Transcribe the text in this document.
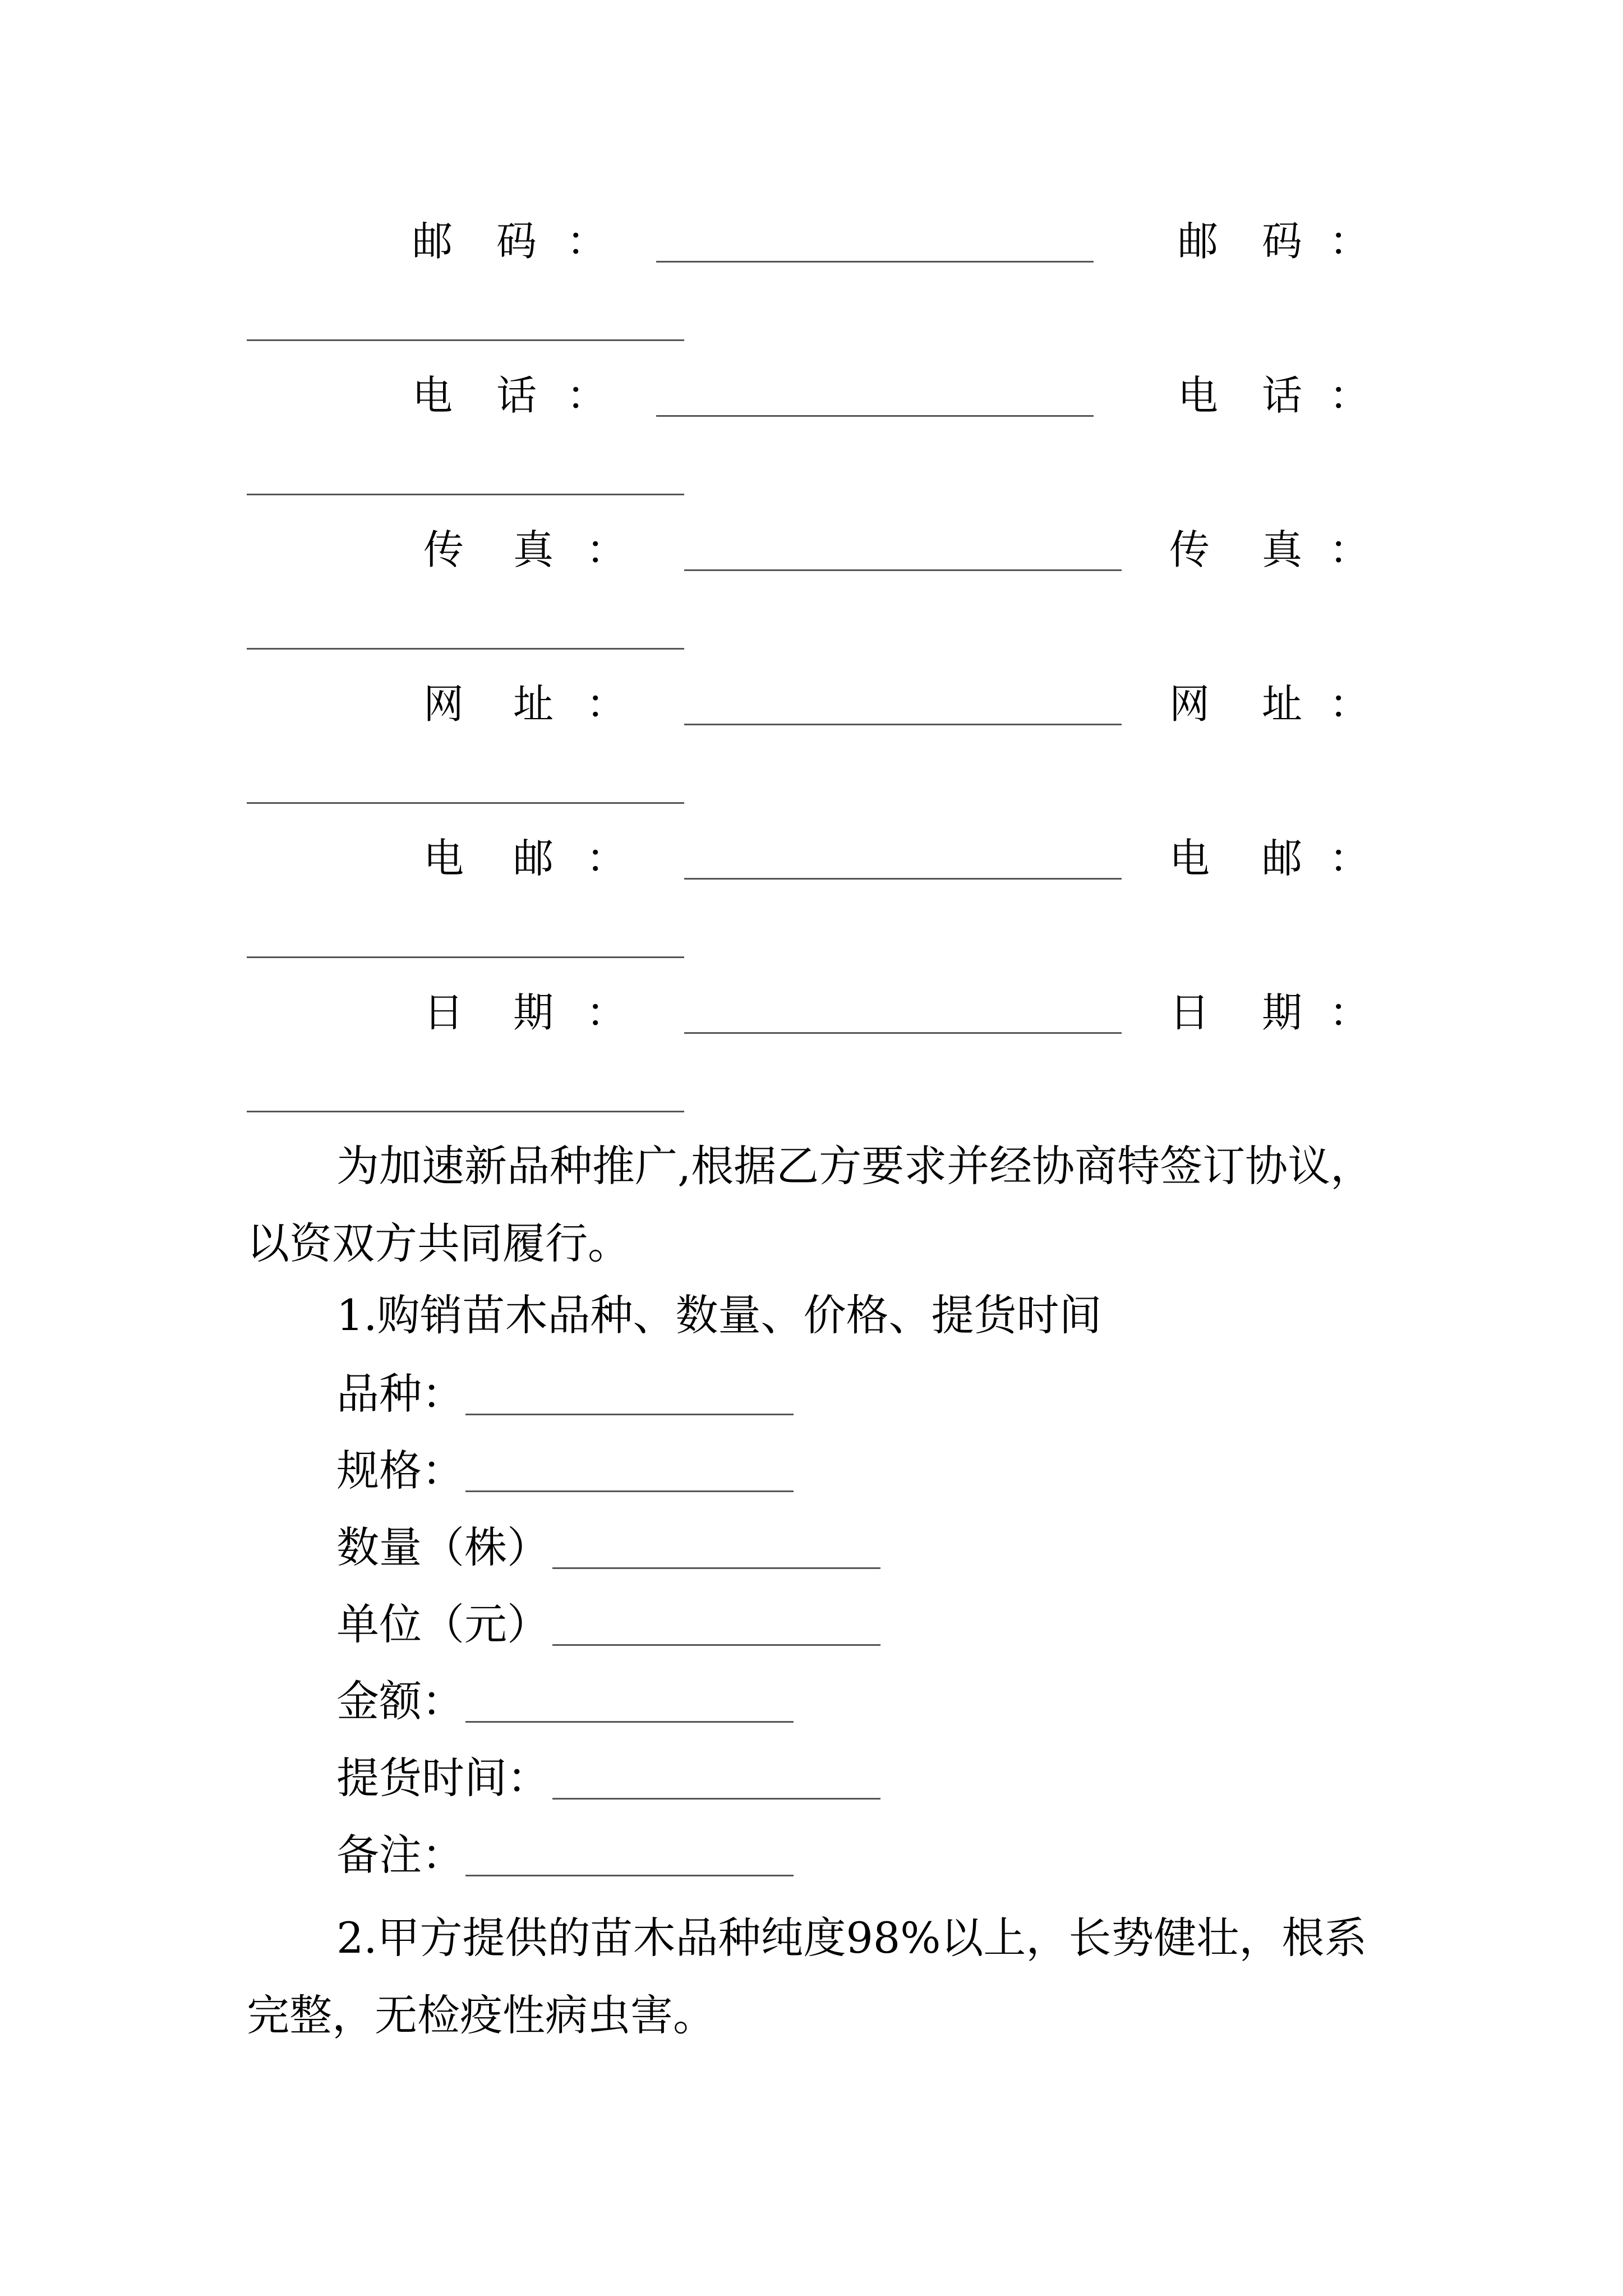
邮 码 ：	邮 码 ：
电 话 ：	电 话 ：
传 真 ：	传 真 ：
网 址 ：	网 址 ：
电 邮 ：	电 邮 ：
日 期 ：	日 期 ：
为加速新品种推广,根据乙方要求并经协商特签订协议，以资双方共同履行。
1.购销苗木品种、数量、价格、提货时间
品种：
规格：
数量（株）
单位（元）
金额：
提货时间：
备注：
2.甲方提供的苗木品种纯度98%以上，长势健壮，根系完整，无检疫性病虫害。
